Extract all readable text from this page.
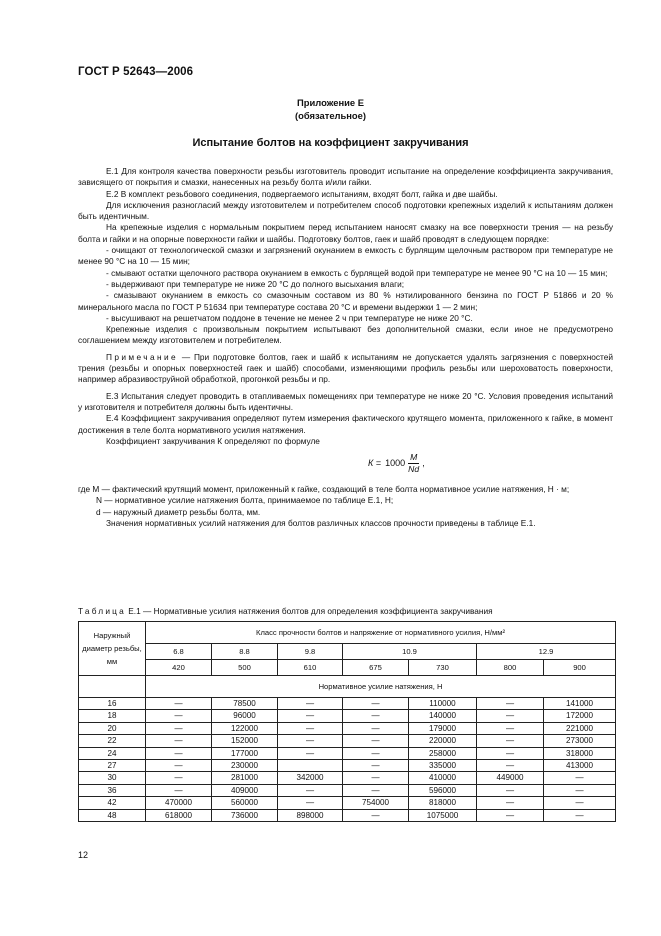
ГОСТ Р 52643—2006
Приложение Е
(обязательное)
Испытание болтов на коэффициент закручивания

Е.1 Для контроля качества поверхности резьбы изготовитель проводит испытание на определение коэффициента закручивания, зависящего от покрытия и смазки, нанесенных на резьбу болта и/или гайки.

Е.2 В комплект резьбового соединения, подвергаемого испытаниям, входят болт, гайка и две шайбы.

Для исключения разногласий между изготовителем и потребителем способ подготовки крепежных изделий к испытаниям должен быть идентичным.

На крепежные изделия с нормальным покрытием перед испытанием наносят смазку на все поверхности трения — на резьбу болта и гайки и на опорные поверхности гайки и шайбы. Подготовку болтов, гаек и шайб проводят в следующем порядке:

- очищают от технологической смазки и загрязнений окунанием в емкость с бурлящим щелочным раствором при температуре не менее 90 °С на 10 — 15 мин;

- смывают остатки щелочного раствора окунанием в емкость с бурлящей водой при температуре не менее 90 °С на 10 — 15 мин;

- выдерживают при температуре не ниже 20 °С до полного высыхания влаги;

- смазывают окунанием в емкость со смазочным составом из 80 % нэтилированного бензина по ГОСТ Р 51866 и 20 % минерального масла по ГОСТ Р 51634 при температуре состава 20 °С и времени выдержки 1 — 2 мин;

- высушивают на решетчатом поддоне в течение не менее 2 ч при температуре не ниже 20 °С.

Крепежные изделия с произвольным покрытием испытывают без дополнительной смазки, если иное не предусмотрено соглашением между изготовителем и потребителем.

Примечание — При подготовке болтов, гаек и шайб к испытаниям не допускается удалять загрязнения с поверхностей трения (резьбы и опорных поверхностей гаек и шайб) способами, изменяющими профиль резьбы или шероховатость поверхности, например абразивоструйной обработкой, прогонкой резьбы и пр.

Е.3 Испытания следует проводить в отапливаемых помещениях при температуре не ниже 20 °С. Условия проведения испытаний у изготовителя и потребителя должны быть идентичны.

Е.4 Коэффициент закручивания определяют путем измерения фактического крутящего момента, приложенного к гайке, в момент достижения в теле болта нормативного усилия натяжения.

Коэффициент закручивания К определяют по формуле

$К = 1000 \frac{М}{Nd}$ ,

где М — фактический крутящий момент, приложенный к гайке, создающий в теле болта нормативное усилие натяжения, Н · м;

N — нормативное усилие натяжения болта, принимаемое по таблице Е.1, Н;

d — наружный диаметр резьбы болта, мм.

Значения нормативных усилий натяжения для болтов различных классов прочности приведены в таблице Е.1.

Таблица Е.1 — Нормативные усилия натяжения болтов для определения коэффициента закручивания
Наружный диаметр резьбы, мм	Класс прочности болтов и напряжение от нормативного усилия, Н/мм²						
	6.8	8.8	9.8	10.9		12.9	
	420	500	610	675	730	800	900
	Нормативное усилие натяжения, Н						
16	—	78500	—	—	110000	—	141000
18	—	96000	—	—	140000	—	172000
20	—	122000	—	—	179000	—	221000
22	—	152000	—	—	220000	—	273000
24	—	177000	—	—	258000	—	318000
27	—	230000		—	335000	—	413000
30	—	281000	342000	—	410000	449000	—
36	—	409000	—	—	596000	—	—
42	470000	560000	—	754000	818000	—	—
48	618000	736000	898000	—	1075000	—	—
12
